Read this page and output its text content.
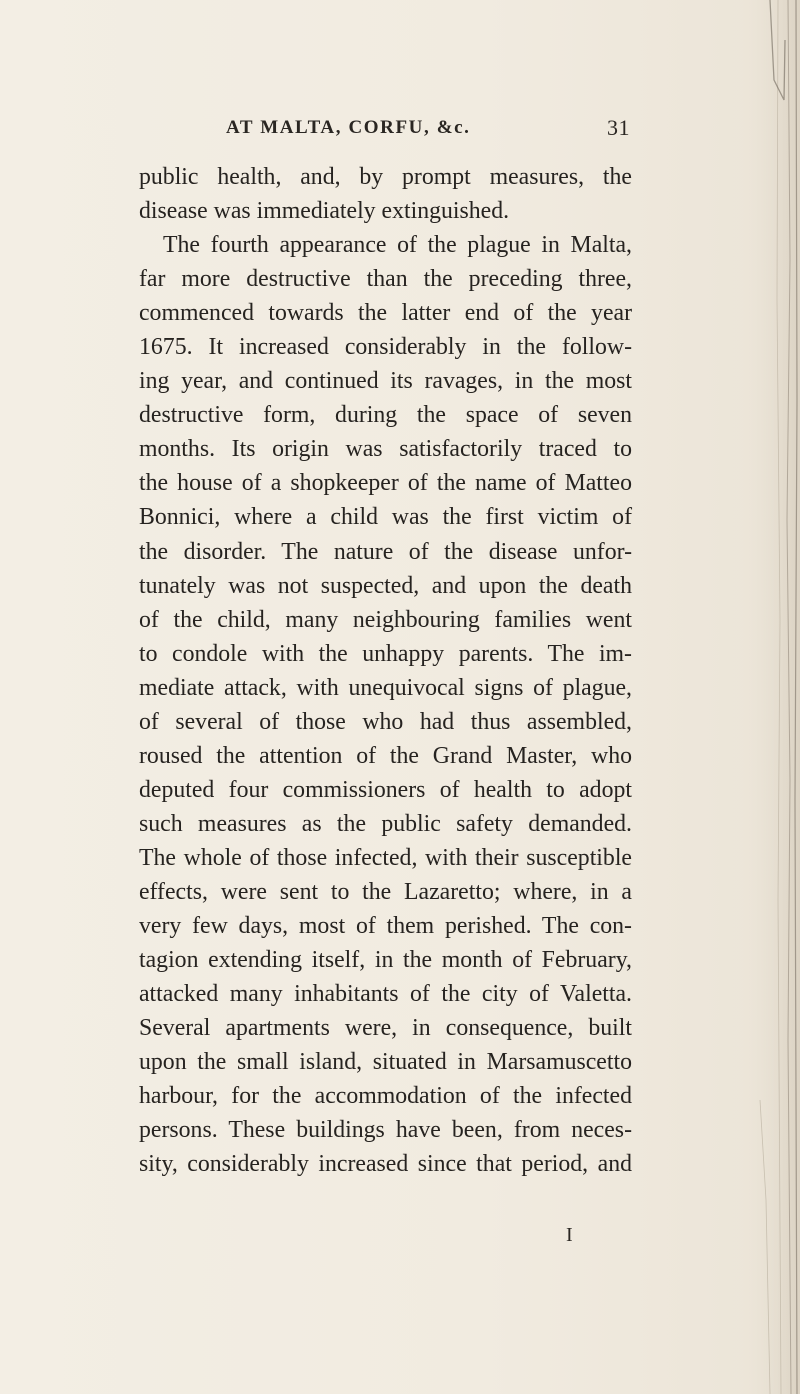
AT MALTA, CORFU, &c.	31
public health, and, by prompt measures, the
disease was immediately extinguished.
The fourth appearance of the plague in Malta,
far more destructive than the preceding three,
commenced towards the latter end of the year
1675. It increased considerably in the follow-
ing year, and continued its ravages, in the most
destructive form, during the space of seven
months. Its origin was satisfactorily traced to
the house of a shopkeeper of the name of Matteo
Bonnici, where a child was the first victim of
the disorder. The nature of the disease unfor-
tunately was not suspected, and upon the death
of the child, many neighbouring families went
to condole with the unhappy parents. The im-
mediate attack, with unequivocal signs of plague,
of several of those who had thus assembled,
roused the attention of the Grand Master, who
deputed four commissioners of health to adopt
such measures as the public safety demanded.
The whole of those infected, with their susceptible
effects, were sent to the Lazaretto; where, in a
very few days, most of them perished. The con-
tagion extending itself, in the month of February,
attacked many inhabitants of the city of Valetta.
Several apartments were, in consequence, built
upon the small island, situated in Marsamuscetto
harbour, for the accommodation of the infected
persons. These buildings have been, from neces-
sity, considerably increased since that period, and
I
